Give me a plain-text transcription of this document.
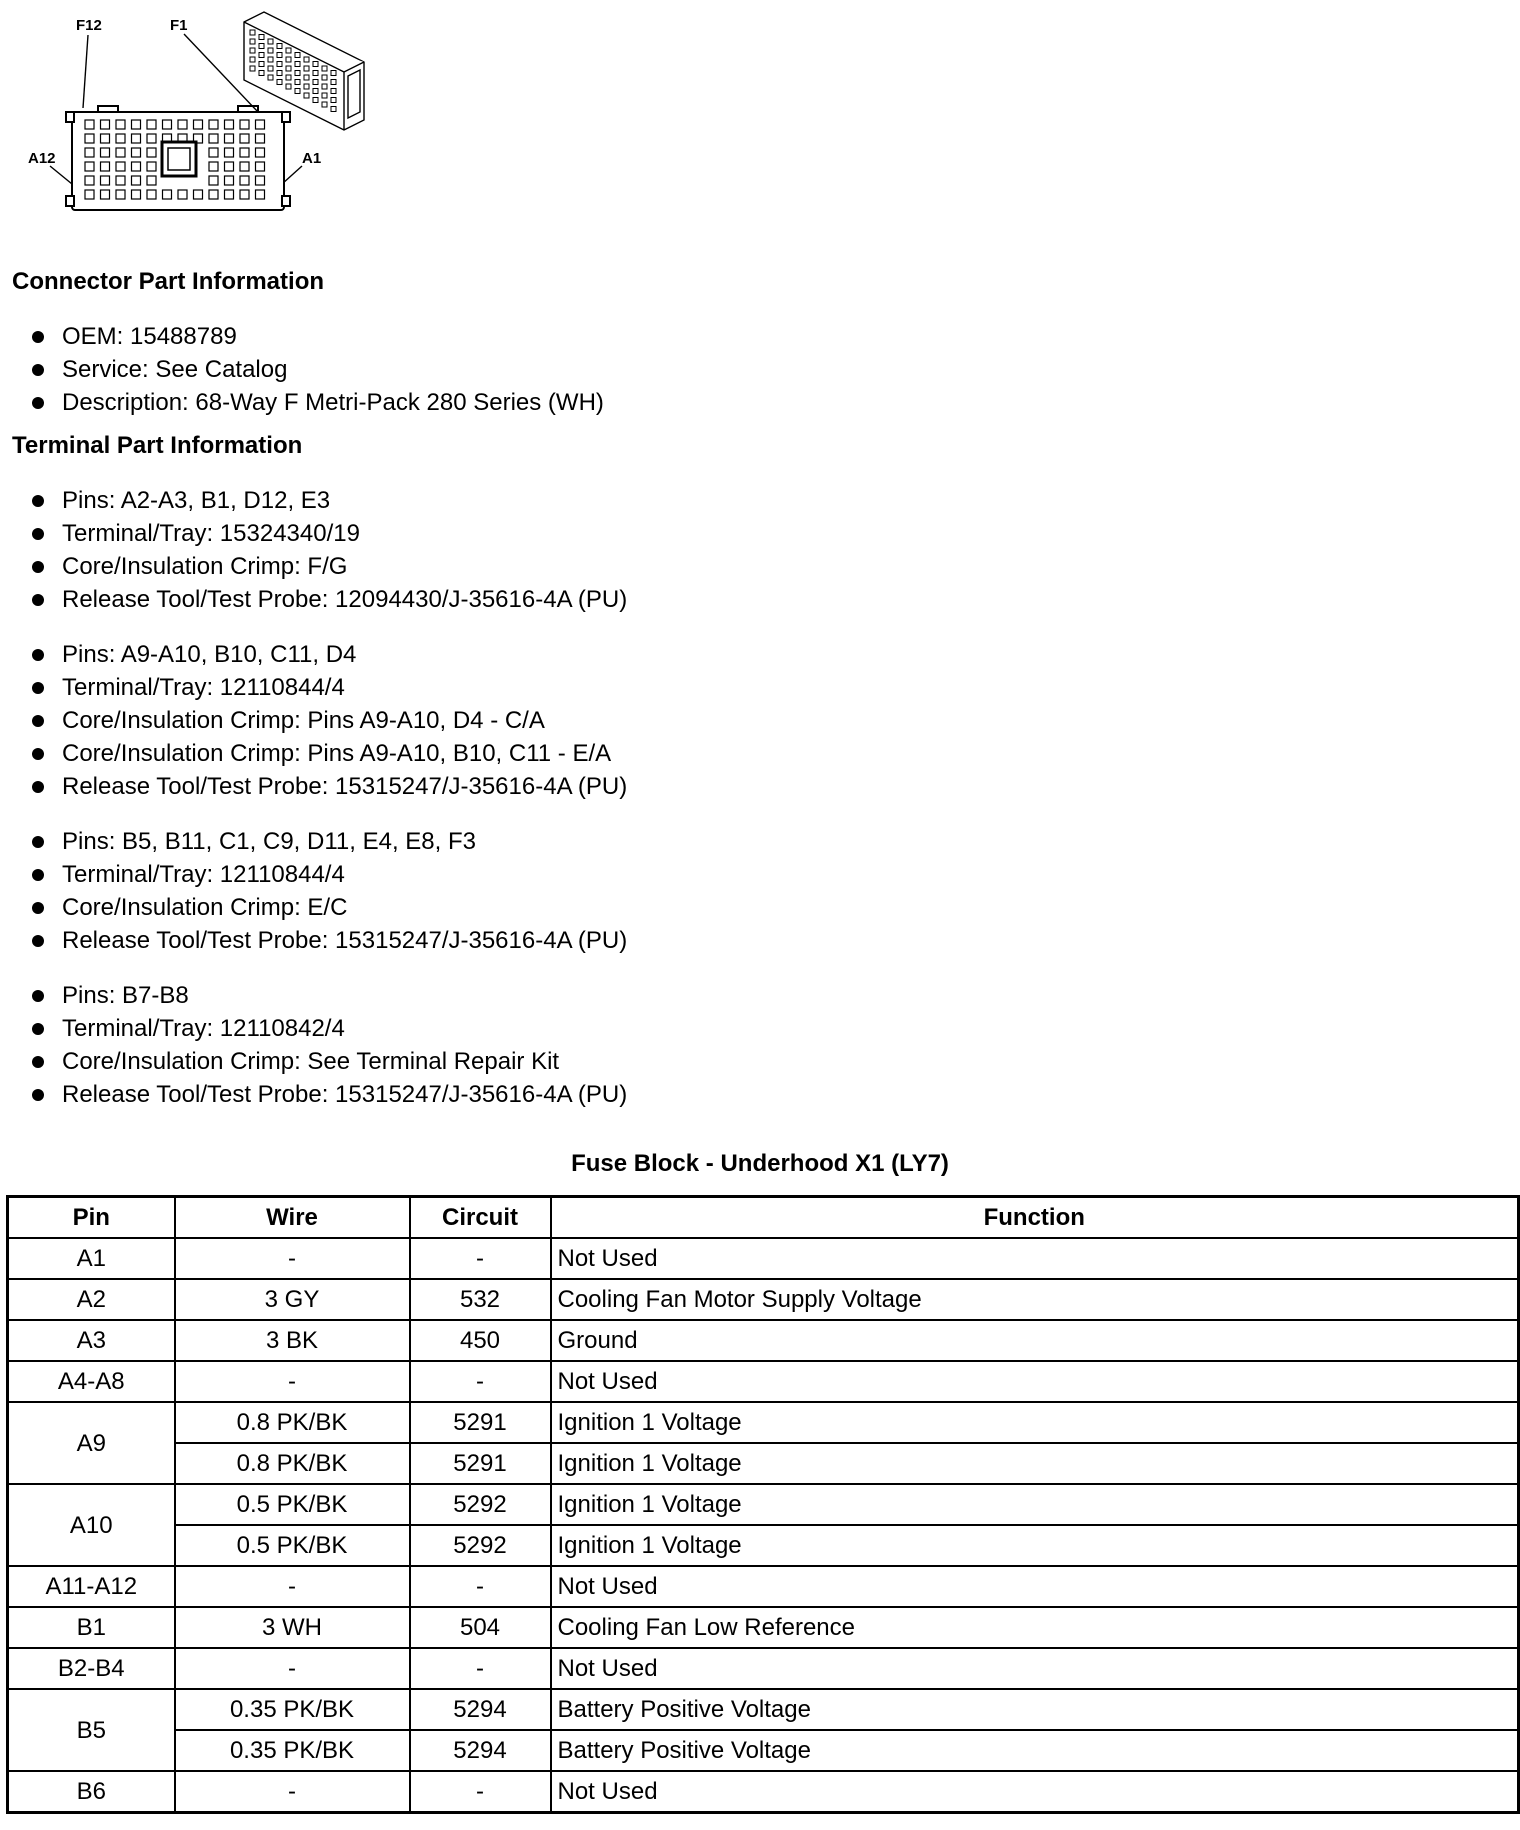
F12	F1
A12	A1
Connector Part Information
OEM: 15488789
Service: See Catalog
Description: 68-Way F Metri-Pack 280 Series (WH)
Terminal Part Information
Pins: A2-A3, B1, D12, E3
Terminal/Tray: 15324340/19
Core/Insulation Crimp: F/G
Release Tool/Test Probe: 12094430/J-35616-4A (PU)
Pins: A9-A10, B10, C11, D4
Terminal/Tray: 12110844/4
Core/Insulation Crimp: Pins A9-A10, D4 - C/A
Core/Insulation Crimp: Pins A9-A10, B10, C11 - E/A
Release Tool/Test Probe: 15315247/J-35616-4A (PU)
Pins: B5, B11, C1, C9, D11, E4, E8, F3
Terminal/Tray: 12110844/4
Core/Insulation Crimp: E/C
Release Tool/Test Probe: 15315247/J-35616-4A (PU)
Pins: B7-B8
Terminal/Tray: 12110842/4
Core/Insulation Crimp: See Terminal Repair Kit
Release Tool/Test Probe: 15315247/J-35616-4A (PU)
Fuse Block - Underhood X1 (LY7)
Pin	Wire	Circuit	Function
A1	-	-	Not Used
A2	3 GY	532	Cooling Fan Motor Supply Voltage
A3	3 BK	450	Ground
A4-A8	-	-	Not Used
A9	0.8 PK/BK	5291	Ignition 1 Voltage
	0.8 PK/BK	5291	Ignition 1 Voltage
A10	0.5 PK/BK	5292	Ignition 1 Voltage
	0.5 PK/BK	5292	Ignition 1 Voltage
A11-A12	-	-	Not Used
B1	3 WH	504	Cooling Fan Low Reference
B2-B4	-	-	Not Used
B5	0.35 PK/BK	5294	Battery Positive Voltage
	0.35 PK/BK	5294	Battery Positive Voltage
B6	-	-	Not Used
